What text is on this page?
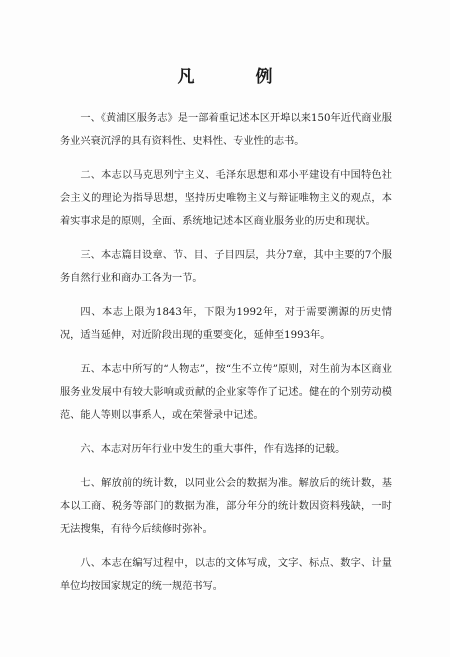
凡　例

一、《黄浦区服务志》是一部着重记述本区开埠以来150年近代商业服务业兴衰沉浮的具有资料性、史料性、专业性的志书。

二、本志以马克思列宁主义、毛泽东思想和邓小平建设有中国特色社会主义的理论为指导思想，坚持历史唯物主义与辩证唯物主义的观点，本着实事求是的原则，全面、系统地记述本区商业服务业的历史和现状。

三、本志篇目设章、节、目、子目四层，共分7章，其中主要的7个服务自然行业和商办工各为一节。

四、本志上限为1843年，下限为1992年，对于需要溯源的历史情况，适当延伸，对近阶段出现的重要变化，延伸至1993年。

五、本志中所写的“人物志”，按“生不立传”原则，对生前为本区商业服务业发展中有较大影响或贡献的企业家等作了记述。健在的个别劳动模范、能人等则以事系人，或在荣誉录中记述。

六、本志对历年行业中发生的重大事件，作有选择的记载。

七、解放前的统计数，以同业公会的数据为准。解放后的统计数，基本以工商、税务等部门的数据为准，部分年分的统计数因资料残缺，一时无法搜集，有待今后续修时弥补。

八、本志在编写过程中，以志的文体写成，文字、标点、数字、计量单位均按国家规定的统一规范书写。
